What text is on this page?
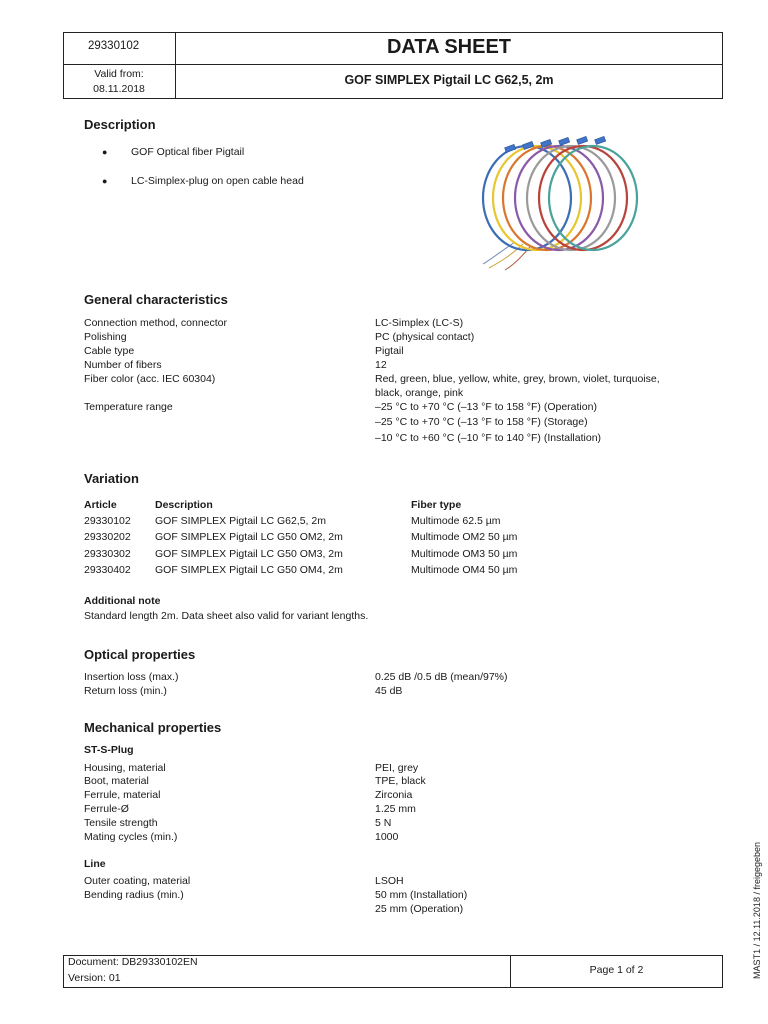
29330102	DATA SHEET
Valid from:
08.11.2018
GOF SIMPLEX Pigtail LC G62,5, 2m
Description
● GOF Optical fiber Pigtail
● LC-Simplex-plug on open cable head
General characteristics
Connection method, connector	LC-Simplex (LC-S)
Polishing	PC (physical contact)
Cable type	Pigtail
Number of fibers	12
Fiber color (acc. IEC 60304)	Red, green, blue, yellow, white, grey, brown, violet, turquoise,
black, orange, pink
Temperature range	–25 °C to +70 °C (–13 °F to 158 °F) (Operation)
–25 °C to +70 °C (–13 °F to 158 °F) (Storage)
–10 °C to +60 °C (–10 °F to 140 °F) (Installation)
Variation
Article	Description	Fiber type
29330102 GOF SIMPLEX Pigtail LC G62,5, 2m	Multimode 62.5 µm
29330202 GOF SIMPLEX Pigtail LC G50 OM2, 2m	Multimode OM2 50 µm
29330302 GOF SIMPLEX Pigtail LC G50 OM3, 2m	Multimode OM3 50 µm
29330402 GOF SIMPLEX Pigtail LC G50 OM4, 2m	Multimode OM4 50 µm
Additional note
Standard length 2m. Data sheet also valid for variant lengths.
Optical properties
Insertion loss (max.)	0.25 dB /0.5 dB (mean/97%)
Return loss (min.)	45 dB
Mechanical properties
ST-S-Plug
Housing, material	PEI, grey
Boot, material	TPE, black
Ferrule, material	Zirconia
Ferrule-Ø	1.25 mm
Tensile strength	5 N
Mating cycles (min.)	1000
Line
Outer coating, material	LSOH
Bending radius (min.)	50 mm (Installation)
25 mm (Operation)
Document: DB29330102EN
Version: 01
Page 1 of 2	MAST1 / 12.11.2018 / freigegeben
